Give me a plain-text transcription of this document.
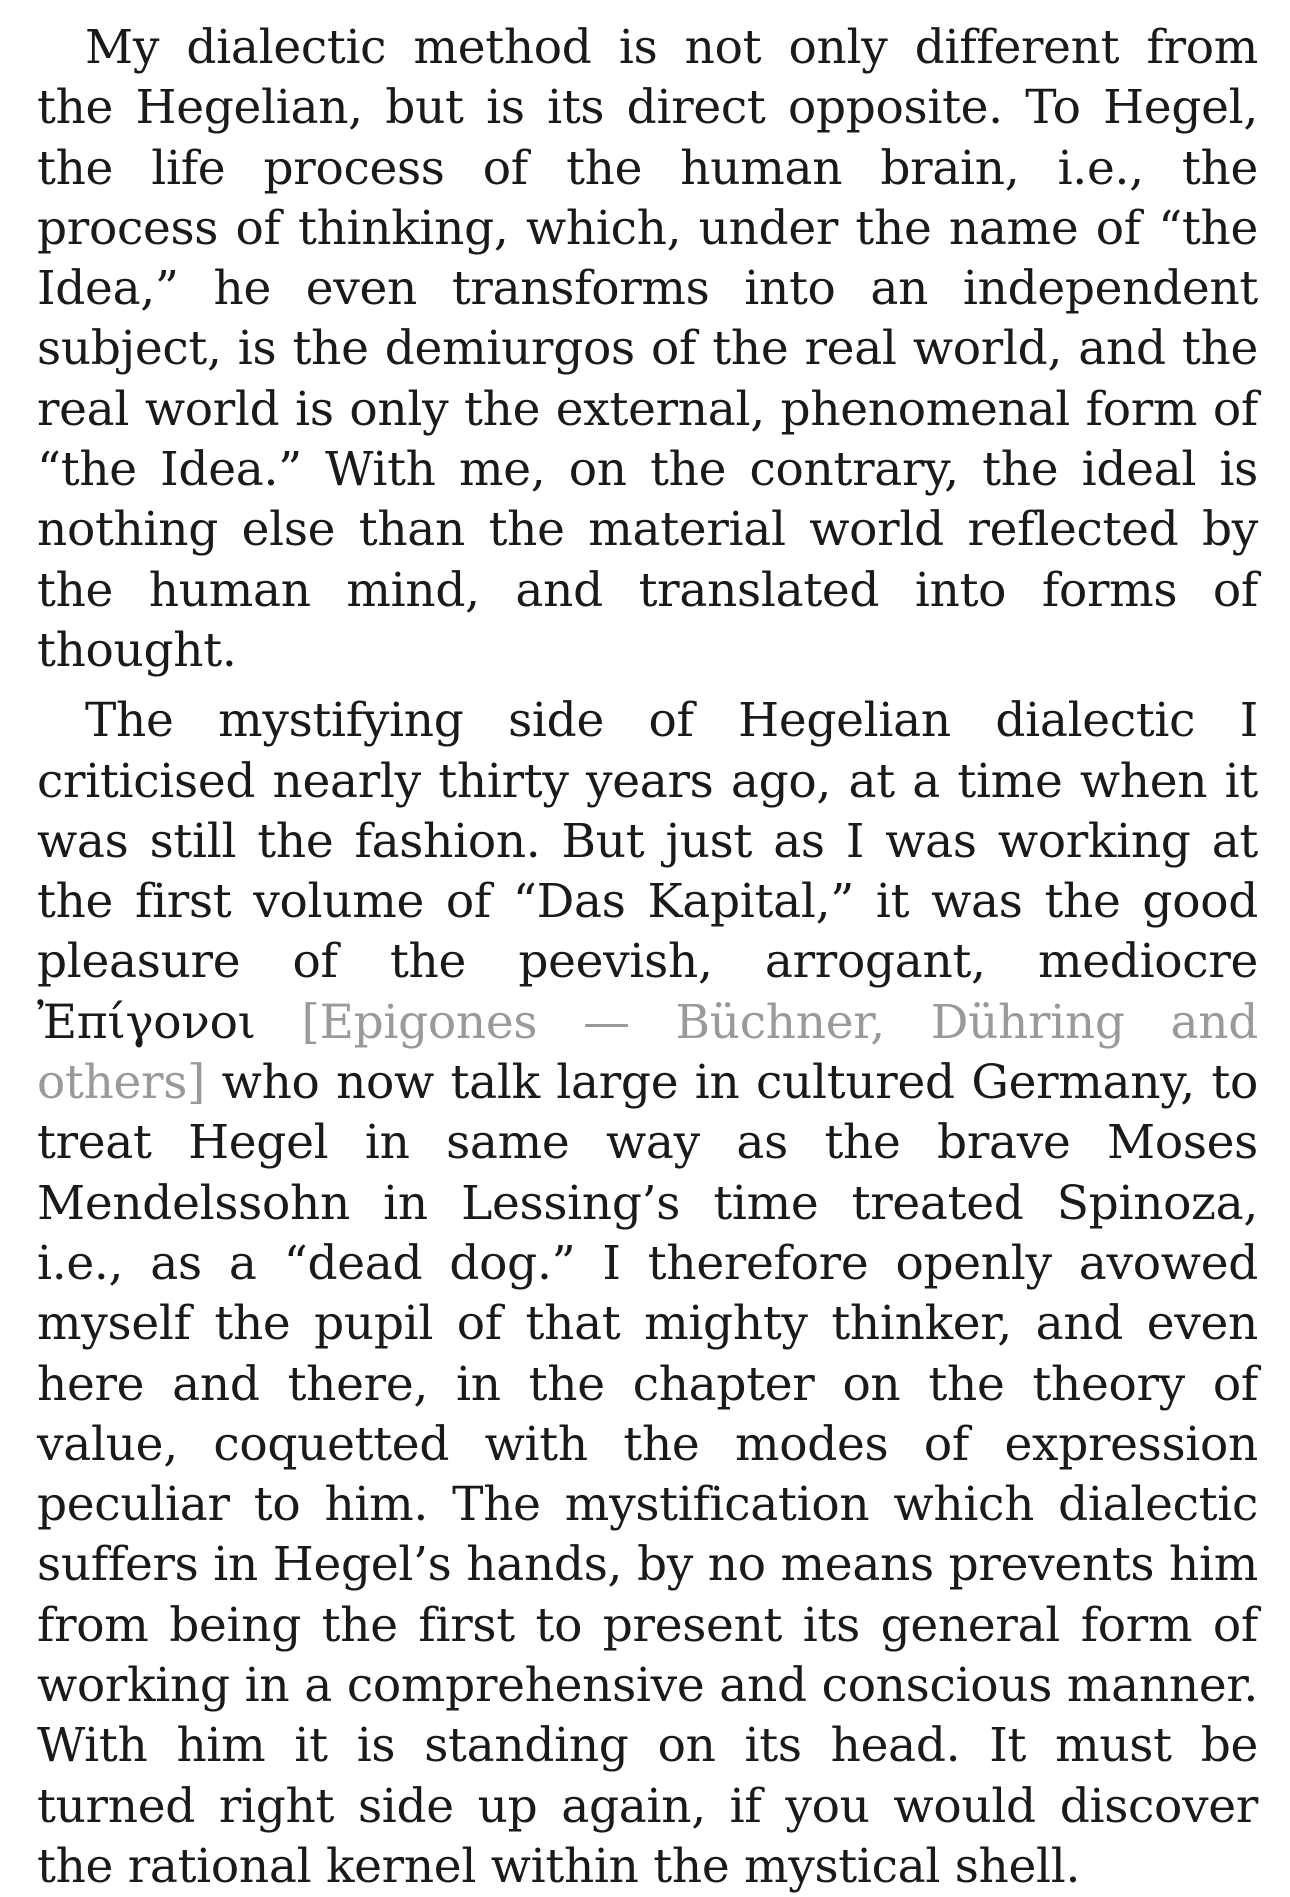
My dialectic method is not only different from the Hegelian, but is its direct opposite. To Hegel, the life process of the human brain, i.e., the process of thinking, which, under the name of “the Idea,” he even transforms into an independent subject, is the demiurgos of the real world, and the real world is only the external, phenomenal form of “the Idea.” With me, on the contrary, the ideal is nothing else than the material world reflected by the human mind, and translated into forms of thought.

The mystifying side of Hegelian dialectic I criticised nearly thirty years ago, at a time when it was still the fashion. But just as I was working at the first volume of “Das Kapital,” it was the good pleasure of the peevish, arrogant, mediocre Ἐπίγονοι [Epigones — Büchner, Dühring and others] who now talk large in cultured Germany, to treat Hegel in same way as the brave Moses Mendelssohn in Lessing’s time treated Spinoza, i.e., as a “dead dog.” I therefore openly avowed myself the pupil of that mighty thinker, and even here and there, in the chapter on the theory of value, coquetted with the modes of expression peculiar to him. The mystification which dialectic suffers in Hegel’s hands, by no means prevents him from being the first to present its general form of working in a comprehensive and conscious manner. With him it is standing on its head. It must be turned right side up again, if you would discover the rational kernel within the mystical shell.
